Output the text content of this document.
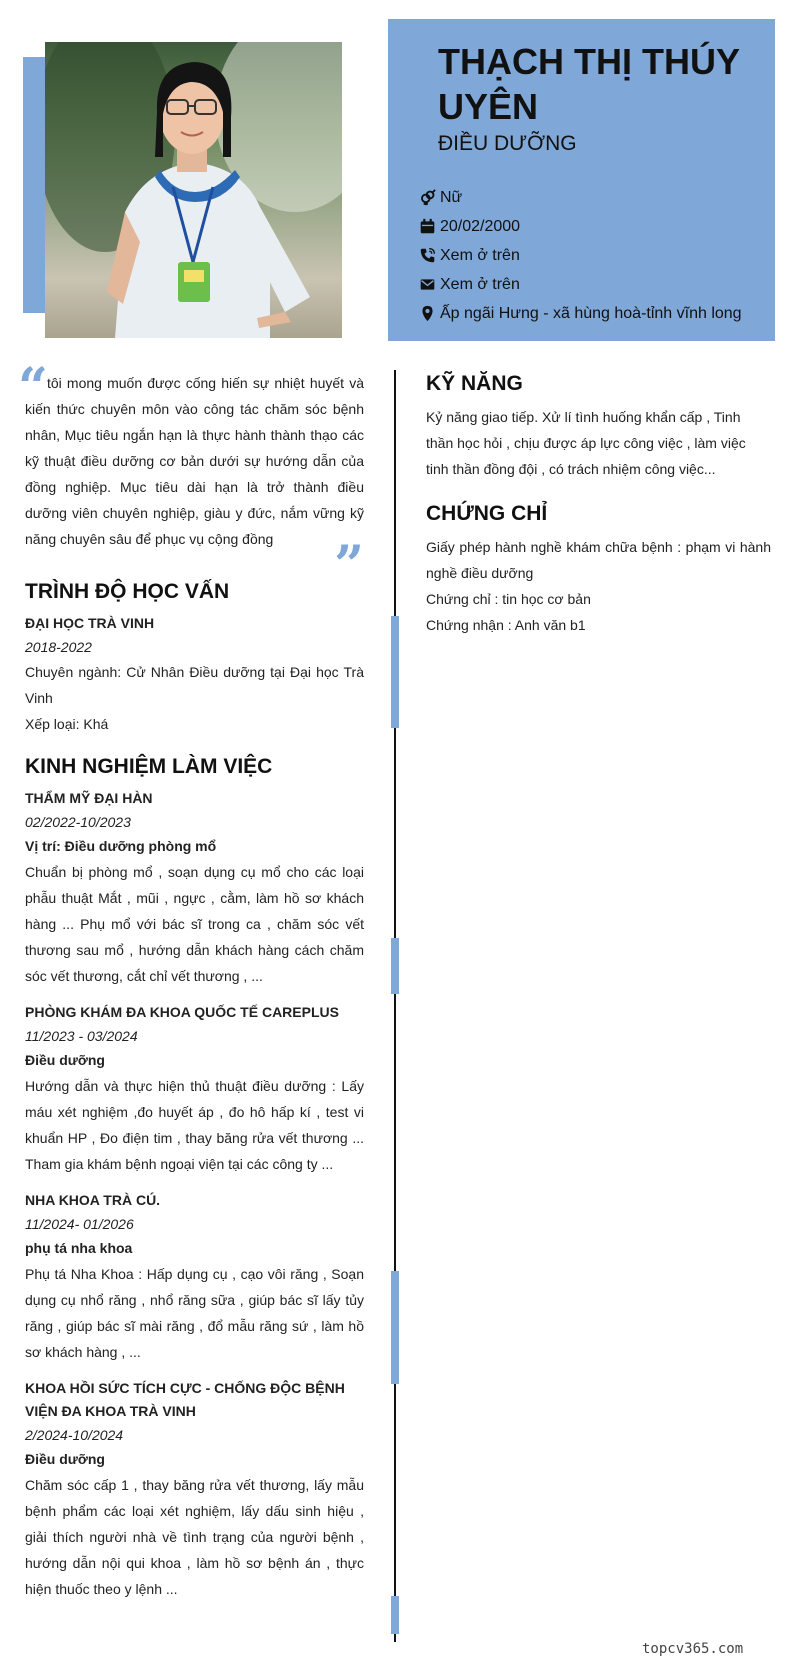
THẠCH THỊ THÚY UYÊN
ĐIỀU DƯỠNG
Nữ
20/02/2000
Xem ở trên
Xem ở trên
Ấp ngãi Hưng - xã hùng hoà-tỉnh vĩnh long
“ tôi mong muốn được cống hiến sự nhiệt huyết và kiến thức chuyên môn vào công tác chăm sóc bệnh nhân, Mục tiêu ngắn hạn là thực hành thành thạo các kỹ thuật điều dưỡng cơ bản dưới sự hướng dẫn của đồng nghiệp. Mục tiêu dài hạn là trở thành điều dưỡng viên chuyên nghiệp, giàu y đức, nắm vững kỹ năng chuyên sâu để phục vụ cộng đồng	”
TRÌNH ĐỘ HỌC VẤN

ĐẠI HỌC TRÀ VINH

2018-2022

Chuyên ngành: Cử Nhân Điều dưỡng tại Đại học Trà Vinh

Xếp loại: Khá

KINH NGHIỆM LÀM VIỆC

THẨM MỸ ĐẠI HÀN

02/2022-10/2023

Vị trí: Điều dưỡng phòng mổ

Chuẩn bị phòng mổ , soạn dụng cụ mổ cho các loại phẫu thuật Mắt , mũi , ngực , cằm, làm hồ sơ khách hàng ... Phụ mổ với bác sĩ trong ca , chăm sóc vết thương sau mổ , hướng dẫn khách hàng cách chăm sóc vết thương, cắt chỉ vết thương , ...

PHÒNG KHÁM ĐA KHOA QUỐC TẾ CAREPLUS

11/2023 - 03/2024

Điều dưỡng

Hướng dẫn và thực hiện thủ thuật điều dưỡng : Lấy máu xét nghiệm ,đo huyết áp , đo hô hấp kí , test vi khuẩn HP , Đo điện tim , thay băng rửa vết thương ... Tham gia khám bệnh ngoại viện tại các công ty ...

NHA KHOA TRÀ CÚ.

11/2024- 01/2026

phụ tá nha khoa

Phụ tá Nha Khoa : Hấp dụng cụ , cạo vôi răng , Soạn dụng cụ nhổ răng , nhổ răng sữa , giúp bác sĩ lấy tủy răng , giúp bác sĩ mài răng , đổ mẫu răng sứ , làm hồ sơ khách hàng , ...

KHOA HỒI SỨC TÍCH CỰC - CHỐNG ĐỘC BỆNH VIỆN ĐA KHOA TRÀ VINH

2/2024-10/2024

Điều dưỡng

Chăm sóc cấp 1 , thay băng rửa vết thương, lấy mẫu bệnh phẩm các loại xét nghiệm, lấy dấu sinh hiệu , giải thích người nhà về tình trạng của người bệnh , hướng dẫn nội qui khoa , làm hồ sơ bệnh án , thực hiện thuốc theo y lệnh ...

KỸ NĂNG

Kỷ năng giao tiếp. Xử lí tình huống khẩn cấp , Tinh thần học hỏi , chịu được áp lực công việc , làm việc tinh thần đồng đội , có trách nhiệm công việc...

CHỨNG CHỈ

Giấy phép hành nghề khám chữa bệnh : phạm vi hành nghề điều dưỡng

Chứng chỉ : tin học cơ bản

Chứng nhận : Anh văn b1

topcv365.com
